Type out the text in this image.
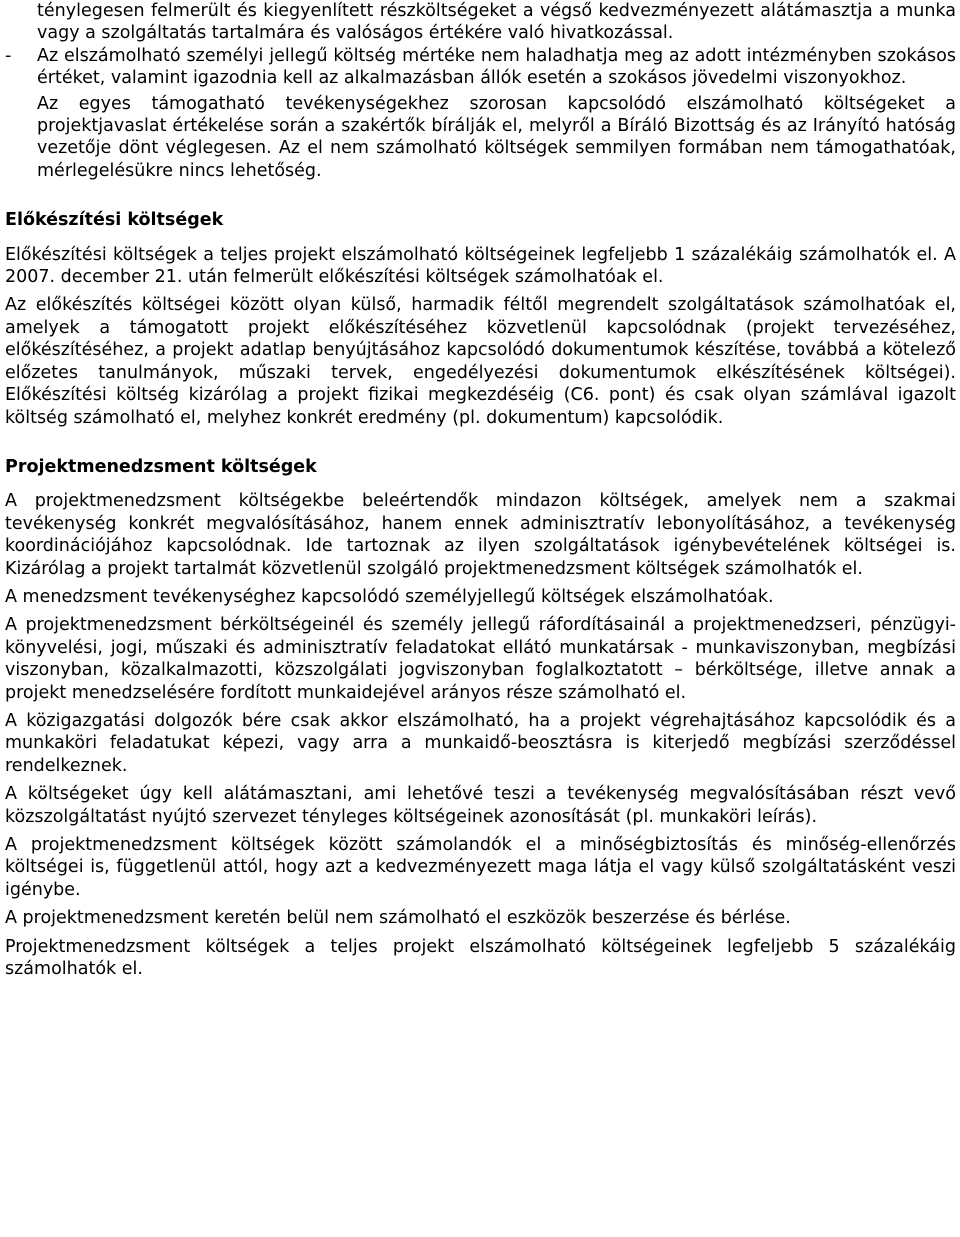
ténylegesen felmerült és kiegyenlített részköltségeket a végső kedvezményezett alátámasztja a munka vagy a szolgáltatás tartalmára és valóságos értékére való hivatkozással.

- Az elszámolható személyi jellegű költség mértéke nem haladhatja meg az adott intézményben szokásos értéket, valamint igazodnia kell az alkalmazásban állók esetén a szokásos jövedelmi viszonyokhoz.

Az egyes támogatható tevékenységekhez szorosan kapcsolódó elszámolható költségeket a projektjavaslat értékelése során a szakértők bírálják el, melyről a Bíráló Bizottság és az Irányító hatóság vezetője dönt véglegesen. Az el nem számolható költségek semmilyen formában nem támogathatóak, mérlegelésükre nincs lehetőség.

Előkészítési költségek

Előkészítési költségek a teljes projekt elszámolható költségeinek legfeljebb 1 százalékáig számolhatók el. A 2007. december 21. után felmerült előkészítési költségek számolhatóak el.

Az előkészítés költségei között olyan külső, harmadik féltől megrendelt szolgáltatások számolhatóak el, amelyek a támogatott projekt előkészítéséhez közvetlenül kapcsolódnak (projekt tervezéséhez, előkészítéséhez, a projekt adatlap benyújtásához kapcsolódó dokumentumok készítése, továbbá a kötelező előzetes tanulmányok, műszaki tervek, engedélyezési dokumentumok elkészítésének költségei). Előkészítési költség kizárólag a projekt fizikai megkezdéséig (C6. pont) és csak olyan számlával igazolt költség számolható el, melyhez konkrét eredmény (pl. dokumentum) kapcsolódik.

Projektmenedzsment költségek

A projektmenedzsment költségekbe beleértendők mindazon költségek, amelyek nem a szakmai tevékenység konkrét megvalósításához, hanem ennek adminisztratív lebonyolításához, a tevékenység koordinációjához kapcsolódnak. Ide tartoznak az ilyen szolgáltatások igénybevételének költségei is. Kizárólag a projekt tartalmát közvetlenül szolgáló projektmenedzsment költségek számolhatók el.

A menedzsment tevékenységhez kapcsolódó személyjellegű költségek elszámolhatóak.

A projektmenedzsment bérköltségeinél és személy jellegű ráfordításainál a projektmenedzseri, pénzügyi-könyvelési, jogi, műszaki és adminisztratív feladatokat ellátó munkatársak - munkaviszonyban, megbízási viszonyban, közalkalmazotti, közszolgálati jogviszonyban foglalkoztatott – bérköltsége, illetve annak a projekt menedzselésére fordított munkaidejével arányos része számolható el.

A közigazgatási dolgozók bére csak akkor elszámolható, ha a projekt végrehajtásához kapcsolódik és a munkaköri feladatukat képezi, vagy arra a munkaidő-beosztásra is kiterjedő megbízási szerződéssel rendelkeznek.

A költségeket úgy kell alátámasztani, ami lehetővé teszi a tevékenység megvalósításában részt vevő közszolgáltatást nyújtó szervezet tényleges költségeinek azonosítását (pl. munkaköri leírás).

A projektmenedzsment költségek között számolandók el a minőségbiztosítás és minőség-ellenőrzés költségei is, függetlenül attól, hogy azt a kedvezményezett maga látja el vagy külső szolgáltatásként veszi igénybe.

A projektmenedzsment keretén belül nem számolható el eszközök beszerzése és bérlése.

Projektmenedzsment költségek a teljes projekt elszámolható költségeinek legfeljebb 5 százalékáig számolhatók el.
